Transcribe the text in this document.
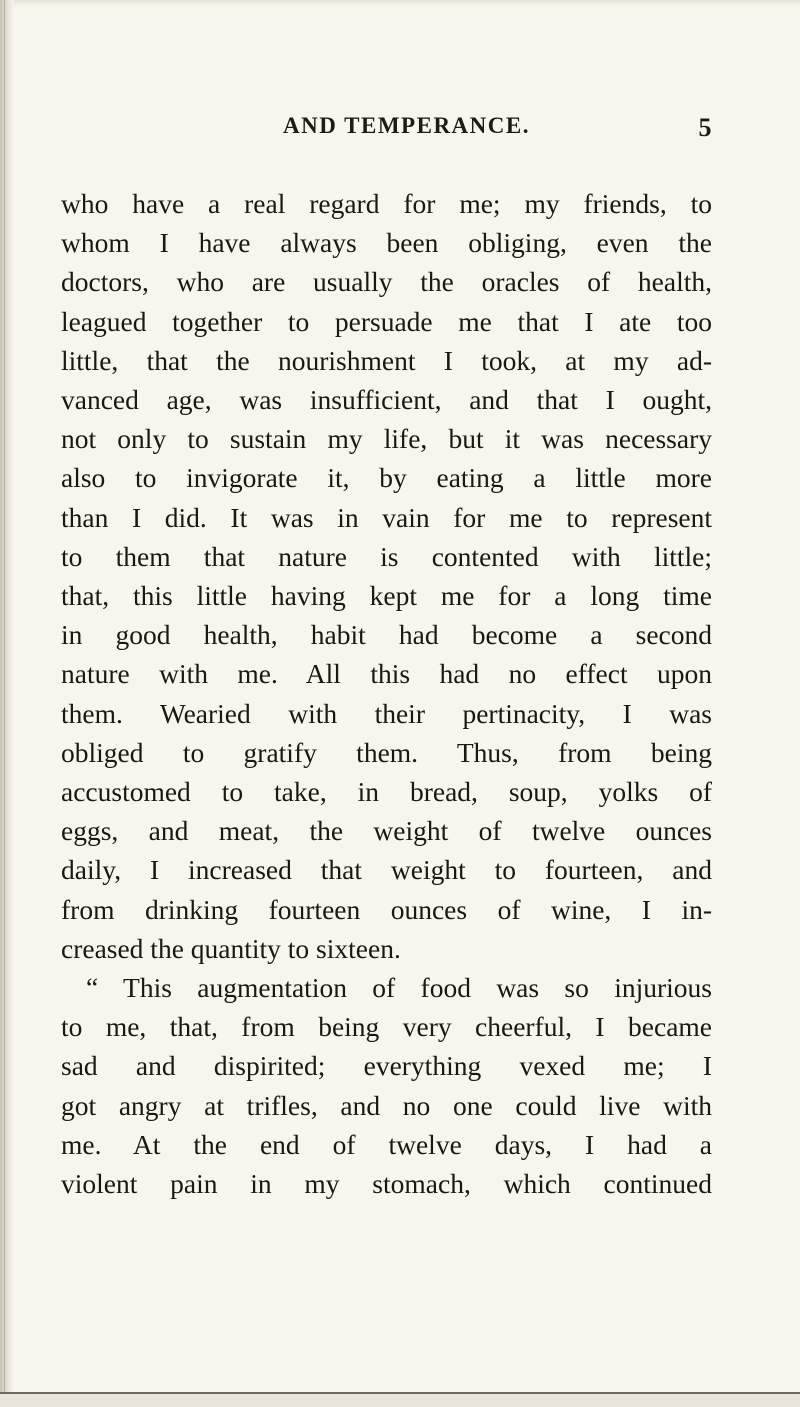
AND TEMPERANCE.	5
who have a real regard for me; my friends, to
whom I have always been obliging, even the
doctors, who are usually the oracles of health,
leagued together to persuade me that I ate too
little, that the nourishment I took, at my ad-
vanced age, was insufficient, and that I ought,
not only to sustain my life, but it was necessary
also to invigorate it, by eating a little more
than I did. It was in vain for me to represent
to them that nature is contented with little;
that, this little having kept me for a long time
in good health, habit had become a second
nature with me. All this had no effect upon
them. Wearied with their pertinacity, I was
obliged to gratify them. Thus, from being
accustomed to take, in bread, soup, yolks of
eggs, and meat, the weight of twelve ounces
daily, I increased that weight to fourteen, and
from drinking fourteen ounces of wine, I in-
creased the quantity to sixteen.
“ This augmentation of food was so injurious
to me, that, from being very cheerful, I became
sad and dispirited; everything vexed me; I
got angry at trifles, and no one could live with
me. At the end of twelve days, I had a
violent pain in my stomach, which continued
